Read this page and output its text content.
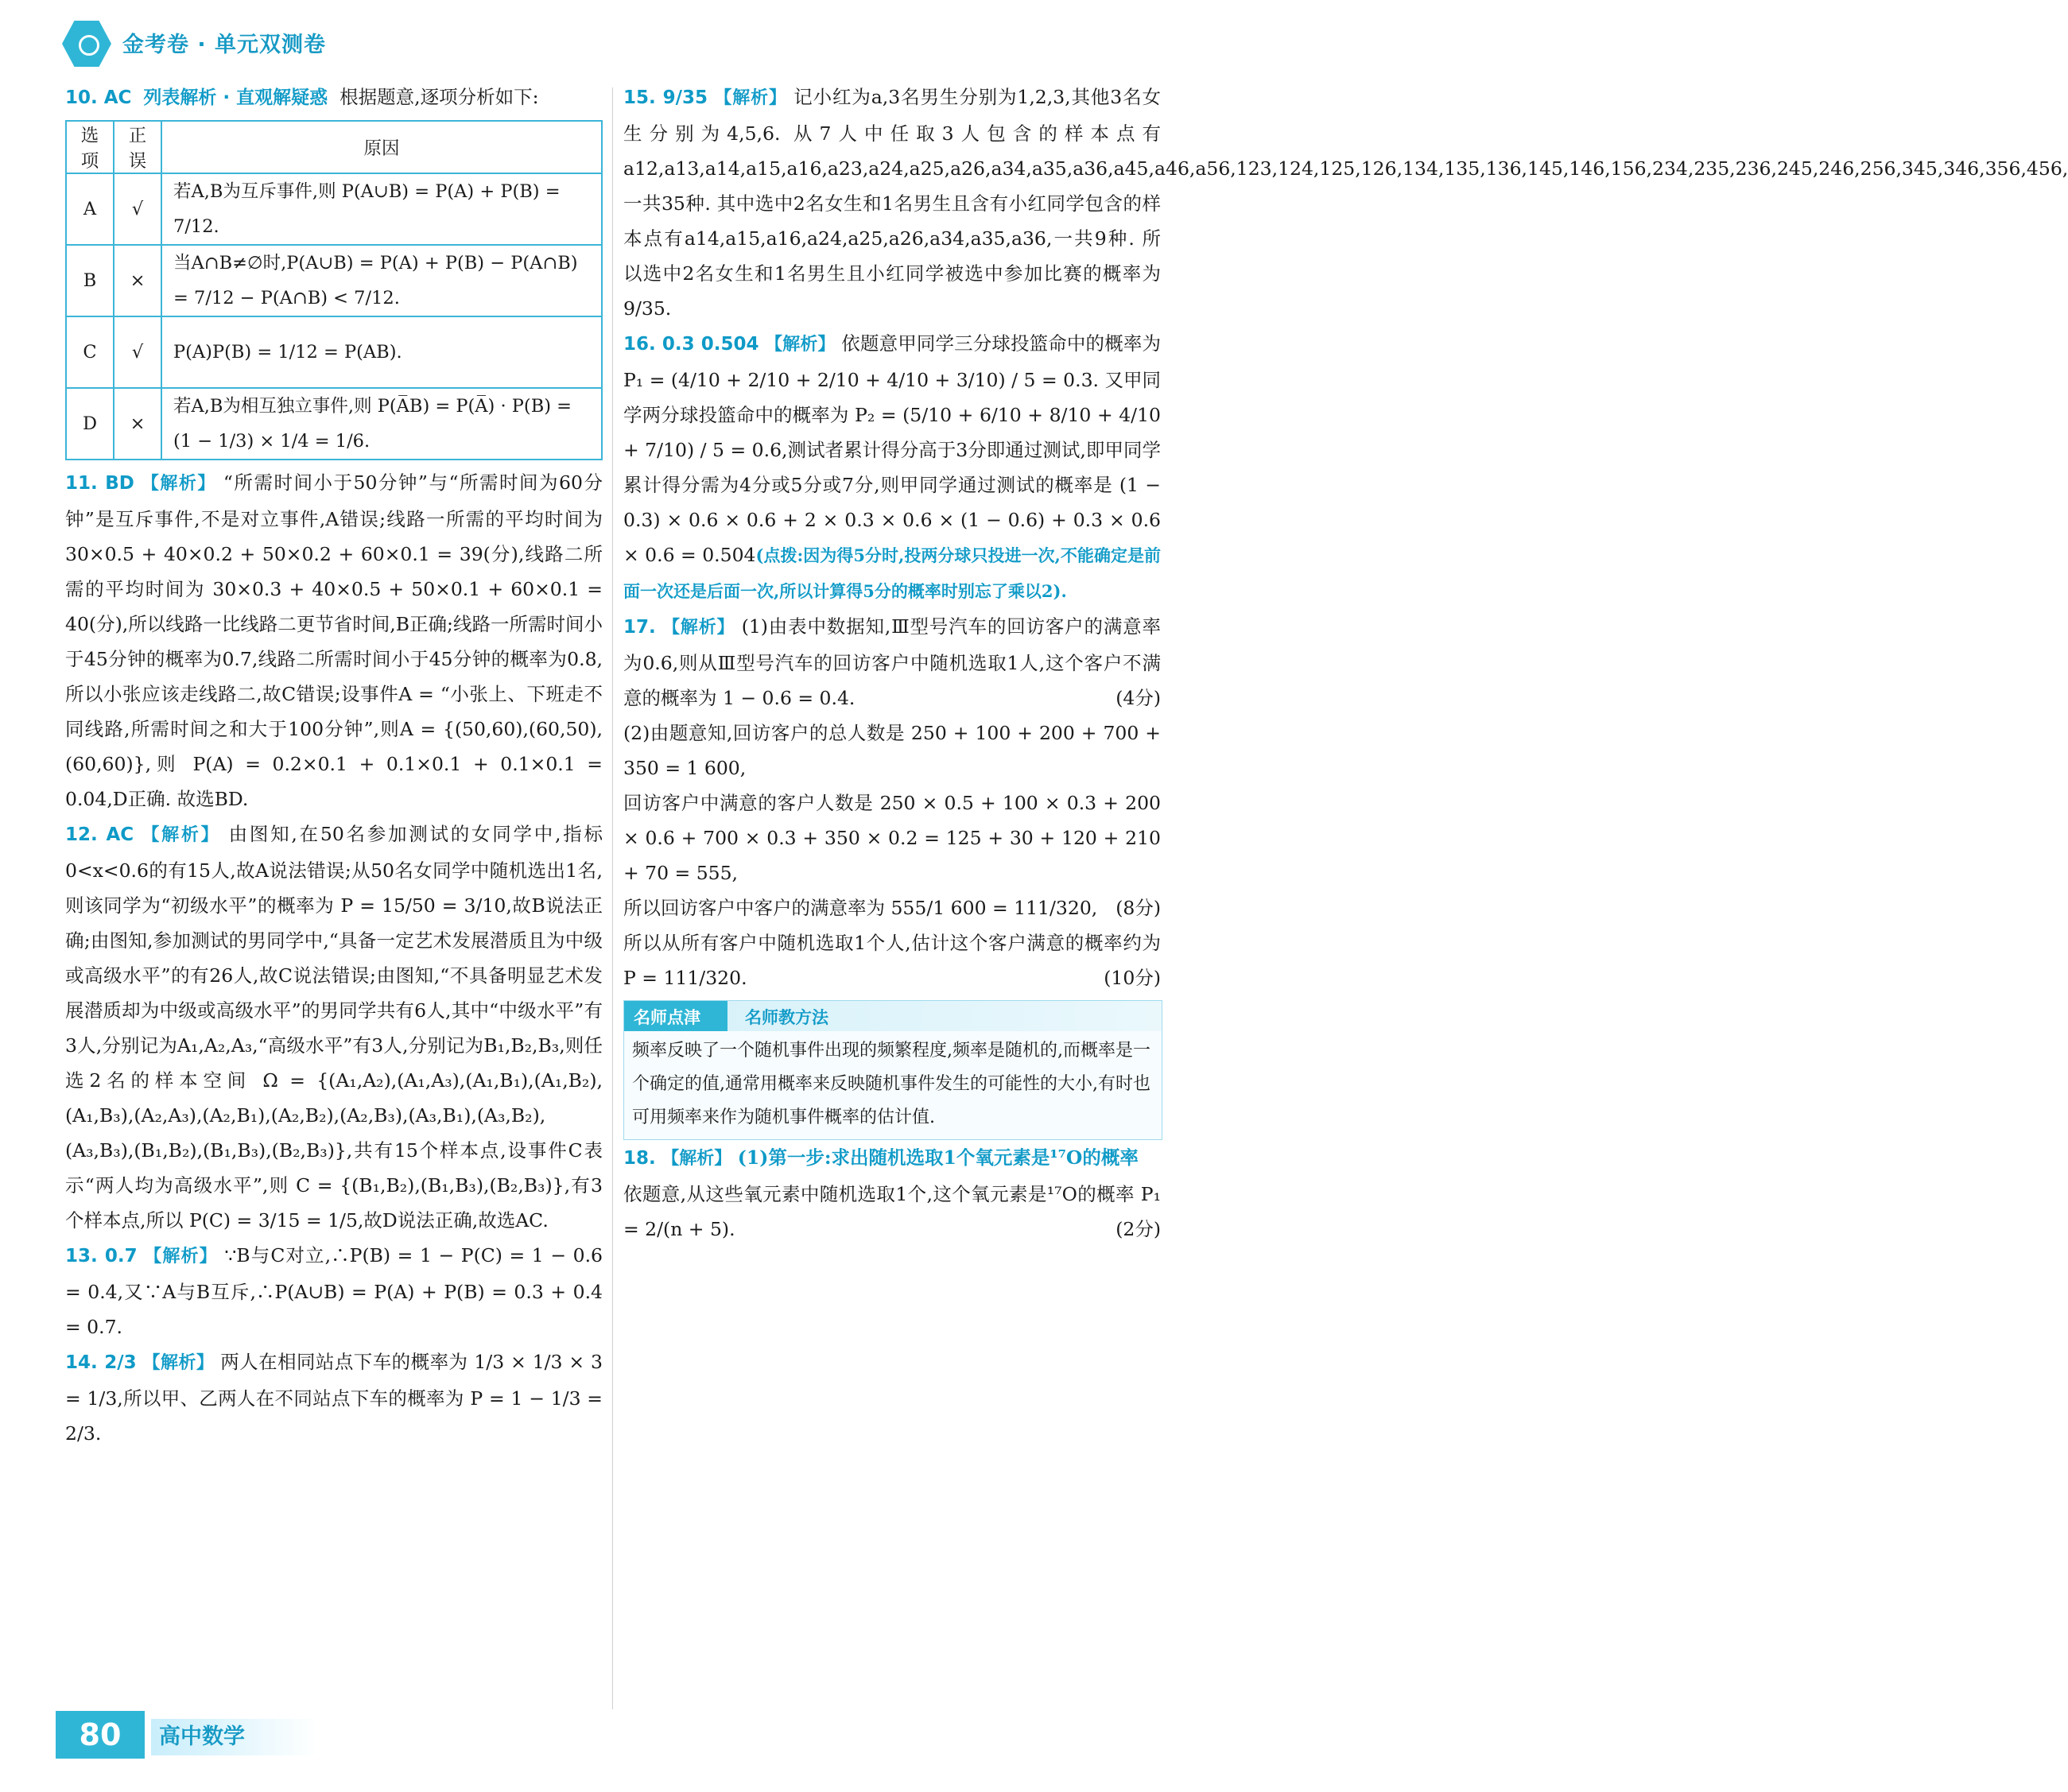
金考卷 · 单元双测卷

10. AC 列表解析 · 直观解疑惑 根据题意,逐项分析如下:

选项	正误	原因
A	√	若A,B为互斥事件,则 P(A∪B) = P(A) + P(B) = 7/12.
B	×	当A∩B≠∅时,P(A∪B) = P(A) + P(B) − P(A∩B) = 7/12 − P(A∩B) < 7/12.
C	√	P(A)P(B) = 1/12 = P(AB).
D	×	若A,B为相互独立事件,则 P(A̅B) = P(A̅) · P(B) = (1 − 1/3) × 1/4 = 1/6.

11. BD 【解析】 “所需时间小于50分钟”与“所需时间为60分钟”是互斥事件,不是对立事件,A错误;线路一所需的平均时间为 30×0.5 + 40×0.2 + 50×0.2 + 60×0.1 = 39(分),线路二所需的平均时间为 30×0.3 + 40×0.5 + 50×0.1 + 60×0.1 = 40(分),所以线路一比线路二更节省时间,B正确;线路一所需时间小于45分钟的概率为0.7,线路二所需时间小于45分钟的概率为0.8,所以小张应该走线路二,故C错误;设事件A = “小张上、下班走不同线路,所需时间之和大于100分钟”,则A = {(50,60),(60,50),(60,60)},则 P(A) = 0.2×0.1 + 0.1×0.1 + 0.1×0.1 = 0.04,D正确. 故选BD.

12. AC 【解析】 由图知,在50名参加测试的女同学中,指标0<x<0.6的有15人,故A说法错误;从50名女同学中随机选出1名,则该同学为“初级水平”的概率为 P = 15/50 = 3/10,故B说法正确;由图知,参加测试的男同学中,“具备一定艺术发展潜质且为中级或高级水平”的有26人,故C说法错误;由图知,“不具备明显艺术发展潜质却为中级或高级水平”的男同学共有6人,其中“中级水平”有3人,分别记为A₁,A₂,A₃,“高级水平”有3人,分别记为B₁,B₂,B₃,则任选2名的样本空间 Ω = {(A₁,A₂),(A₁,A₃),(A₁,B₁),(A₁,B₂),(A₁,B₃),(A₂,A₃),(A₂,B₁),(A₂,B₂),(A₂,B₃),(A₃,B₁),(A₃,B₂),(A₃,B₃),(B₁,B₂),(B₁,B₃),(B₂,B₃)},共有15个样本点,设事件C表示“两人均为高级水平”,则 C = {(B₁,B₂),(B₁,B₃),(B₂,B₃)},有3个样本点,所以 P(C) = 3/15 = 1/5,故D说法正确,故选AC.

13. 0.7 【解析】 ∵B与C对立,∴P(B) = 1 − P(C) = 1 − 0.6 = 0.4,又∵A与B互斥,∴P(A∪B) = P(A) + P(B) = 0.3 + 0.4 = 0.7.

14. 2/3 【解析】 两人在相同站点下车的概率为 1/3 × 1/3 × 3 = 1/3,所以甲、乙两人在不同站点下车的概率为 P = 1 − 1/3 = 2/3.

15. 9/35 【解析】 记小红为a,3名男生分别为1,2,3,其他3名女生分别为4,5,6. 从7人中任取3人包含的样本点有a12,a13,a14,a15,a16,a23,a24,a25,a26,a34,a35,a36,a45,a46,a56,123,124,125,126,134,135,136,145,146,156,234,235,236,245,246,256,345,346,356,456,一共35种. 其中选中2名女生和1名男生且含有小红同学包含的样本点有a14,a15,a16,a24,a25,a26,a34,a35,a36,一共9种. 所以选中2名女生和1名男生且小红同学被选中参加比赛的概率为 9/35.

16. 0.3 0.504 【解析】 依题意甲同学三分球投篮命中的概率为 P₁ = (4/10 + 2/10 + 2/10 + 4/10 + 3/10) / 5 = 0.3. 又甲同学两分球投篮命中的概率为 P₂ = (5/10 + 6/10 + 8/10 + 4/10 + 7/10) / 5 = 0.6,测试者累计得分高于3分即通过测试,即甲同学累计得分需为4分或5分或7分,则甲同学通过测试的概率是 (1 − 0.3) × 0.6 × 0.6 + 2 × 0.3 × 0.6 × (1 − 0.6) + 0.3 × 0.6 × 0.6 = 0.504(点拨:因为得5分时,投两分球只投进一次,不能确定是前面一次还是后面一次,所以计算得5分的概率时别忘了乘以2).

17. 【解析】 (1)由表中数据知,Ⅲ型号汽车的回访客户的满意率为0.6,则从Ⅲ型号汽车的回访客户中随机选取1人,这个客户不满意的概率为 1 − 0.6 = 0.4.	(4分)

(2)由题意知,回访客户的总人数是 250 + 100 + 200 + 700 + 350 = 1 600,

回访客户中满意的客户人数是 250 × 0.5 + 100 × 0.3 + 200 × 0.6 + 700 × 0.3 + 350 × 0.2 = 125 + 30 + 120 + 210 + 70 = 555,

所以回访客户中客户的满意率为 555/1 600 = 111/320, (8分)

所以从所有客户中随机选取1个人,估计这个客户满意的概率约为 P = 111/320.	(10分)

名师点津	名师教方法
频率反映了一个随机事件出现的频繁程度,频率是随机的,而概率是一个确定的值,通常用概率来反映随机事件发生的可能性的大小,有时也可用频率来作为随机事件概率的估计值.

18. 【解析】 (1)第一步:求出随机选取1个氧元素是¹⁷O的概率

依题意,从这些氧元素中随机选取1个,这个氧元素是¹⁷O的概率 P₁ = 2/(n + 5).	(2分)

80	高中数学
